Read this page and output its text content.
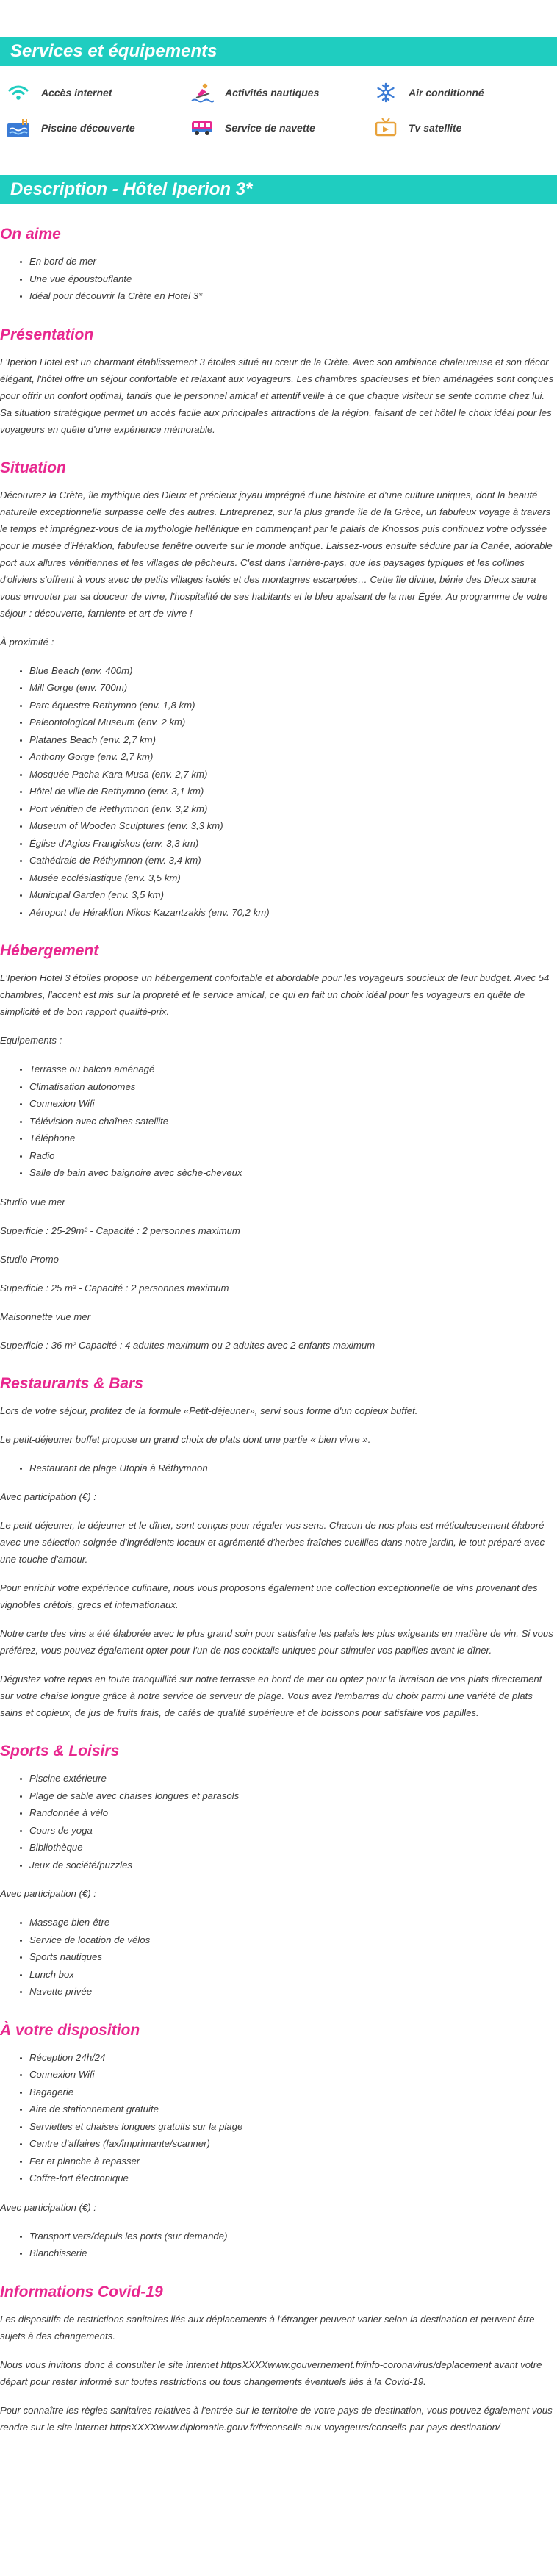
Services et équipements
Accès internet	Activités nautiques	Air conditionné
Piscine découverte	Service de navette	Tv satellite
Description - Hôtel Iperion 3*
On aime
• En bord de mer
• Une vue époustouflante
• Idéal pour découvrir la Crète en Hotel 3*
Présentation

L'Iperion Hotel est un charmant établissement 3 étoiles situé au cœur de la Crète. Avec son ambiance chaleureuse et son décor élégant, l'hôtel offre un séjour confortable et relaxant aux voyageurs. Les chambres spacieuses et bien aménagées sont conçues pour offrir un confort optimal, tandis que le personnel amical et attentif veille à ce que chaque visiteur se sente comme chez lui. Sa situation stratégique permet un accès facile aux principales attractions de la région, faisant de cet hôtel le choix idéal pour les voyageurs en quête d'une expérience mémorable.

Situation

Découvrez la Crète, île mythique des Dieux et précieux joyau imprégné d'une histoire et d'une culture uniques, dont la beauté naturelle exceptionnelle surpasse celle des autres. Entreprenez, sur la plus grande île de la Grèce, un fabuleux voyage à travers le temps et imprégnez-vous de la mythologie hellénique en commençant par le palais de Knossos puis continuez votre odyssée pour le musée d'Héraklion, fabuleuse fenêtre ouverte sur le monde antique. Laissez-vous ensuite séduire par la Canée, adorable port aux allures vénitiennes et les villages de pêcheurs. C'est dans l'arrière-pays, que les paysages typiques et les collines d'oliviers s'offrent à vous avec de petits villages isolés et des montagnes escarpées… Cette île divine, bénie des Dieux saura vous envouter par sa douceur de vivre, l'hospitalité de ses habitants et le bleu apaisant de la mer Égée. Au programme de votre séjour : découverte, farniente et art de vivre !

À proximité :

• Blue Beach (env. 400m)
• Mill Gorge (env. 700m)
• Parc équestre Rethymno (env. 1,8 km)
• Paleontological Museum (env. 2 km)
• Platanes Beach (env. 2,7 km)
• Anthony Gorge (env. 2,7 km)
• Mosquée Pacha Kara Musa (env. 2,7 km)
• Hôtel de ville de Rethymno (env. 3,1 km)
• Port vénitien de Rethymnon (env. 3,2 km)
• Museum of Wooden Sculptures (env. 3,3 km)
• Église d'Agios Frangiskos (env. 3,3 km)
• Cathédrale de Réthymnon (env. 3,4 km)
• Musée ecclésiastique (env. 3,5 km)
• Municipal Garden (env. 3,5 km)
• Aéroport de Héraklion Nikos Kazantzakis (env. 70,2 km)
Hébergement

L'Iperion Hotel 3 étoiles propose un hébergement confortable et abordable pour les voyageurs soucieux de leur budget. Avec 54 chambres, l'accent est mis sur la propreté et le service amical, ce qui en fait un choix idéal pour les voyageurs en quête de simplicité et de bon rapport qualité-prix.

Equipements :

• Terrasse ou balcon aménagé
• Climatisation autonomes
• Connexion Wifi
• Télévision avec chaînes satellite
• Téléphone
• Radio
• Salle de bain avec baignoire avec sèche-cheveux

Studio vue mer

Superficie : 25-29m² - Capacité : 2 personnes maximum

Studio Promo

Superficie : 25 m² - Capacité : 2 personnes maximum

Maisonnette vue mer

Superficie : 36 m² Capacité : 4 adultes maximum ou 2 adultes avec 2 enfants maximum

Restaurants & Bars

Lors de votre séjour, profitez de la formule «Petit-déjeuner», servi sous forme d'un copieux buffet.

Le petit-déjeuner buffet propose un grand choix de plats dont une partie « bien vivre ».

• Restaurant de plage Utopia à Réthymnon

Avec participation (€) :

Le petit-déjeuner, le déjeuner et le dîner, sont conçus pour régaler vos sens. Chacun de nos plats est méticuleusement élaboré avec une sélection soignée d'ingrédients locaux et agrémenté d'herbes fraîches cueillies dans notre jardin, le tout préparé avec une touche d'amour.

Pour enrichir votre expérience culinaire, nous vous proposons également une collection exceptionnelle de vins provenant des vignobles crétois, grecs et internationaux.

Notre carte des vins a été élaborée avec le plus grand soin pour satisfaire les palais les plus exigeants en matière de vin. Si vous préférez, vous pouvez également opter pour l'un de nos cocktails uniques pour stimuler vos papilles avant le dîner.

Dégustez votre repas en toute tranquillité sur notre terrasse en bord de mer ou optez pour la livraison de vos plats directement sur votre chaise longue grâce à notre service de serveur de plage. Vous avez l'embarras du choix parmi une variété de plats sains et copieux, de jus de fruits frais, de cafés de qualité supérieure et de boissons pour satisfaire vos papilles.

Sports & Loisirs
• Piscine extérieure
• Plage de sable avec chaises longues et parasols
• Randonnée à vélo
• Cours de yoga
• Bibliothèque
• Jeux de société/puzzles

Avec participation (€) :

• Massage bien-être
• Service de location de vélos
• Sports nautiques
• Lunch box
• Navette privée
À votre disposition
• Réception 24h/24
• Connexion Wifi
• Bagagerie
• Aire de stationnement gratuite
• Serviettes et chaises longues gratuits sur la plage
• Centre d'affaires (fax/imprimante/scanner)
• Fer et planche à repasser
• Coffre-fort électronique

Avec participation (€) :

• Transport vers/depuis les ports (sur demande)
• Blanchisserie
Informations Covid-19

Les dispositifs de restrictions sanitaires liés aux déplacements à l'étranger peuvent varier selon la destination et peuvent être sujets à des changements.

Nous vous invitons donc à consulter le site internet httpsXXXXwww.gouvernement.fr/info-coronavirus/deplacement avant votre départ pour rester informé sur toutes restrictions ou tous changements éventuels liés à la Covid-19.

Pour connaître les règles sanitaires relatives à l'entrée sur le territoire de votre pays de destination, vous pouvez également vous rendre sur le site internet httpsXXXXwww.diplomatie.gouv.fr/fr/conseils-aux-voyageurs/conseils-par-pays-destination/
